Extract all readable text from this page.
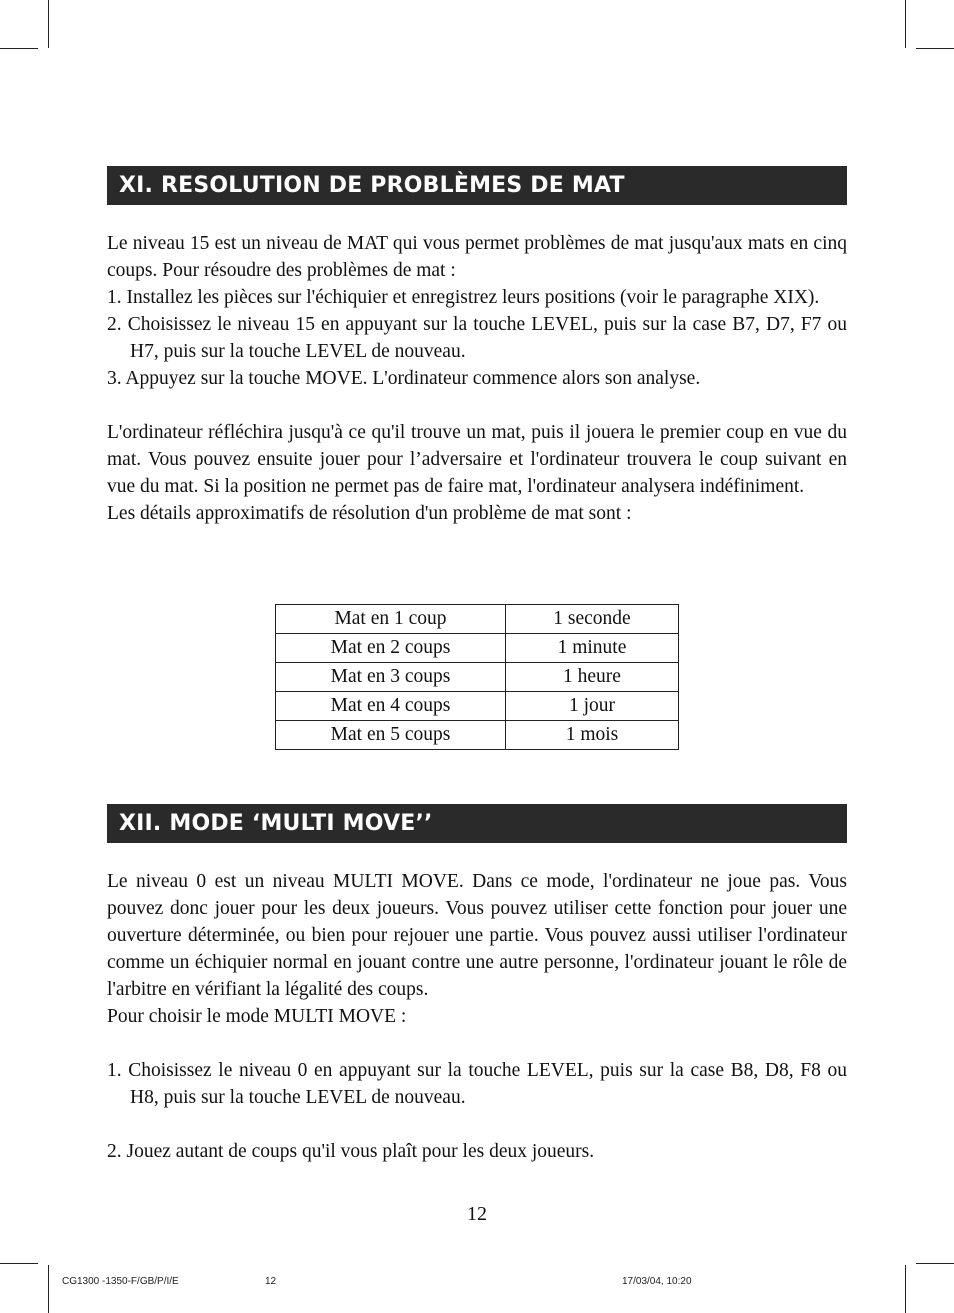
XI. RESOLUTION DE PROBLÈMES DE MAT

Le niveau 15 est un niveau de MAT qui vous permet problèmes de mat jusqu'aux mats en cinq coups. Pour résoudre des problèmes de mat :

1. Installez les pièces sur l'échiquier et enregistrez leurs positions (voir le paragraphe XIX).

2. Choisissez le niveau 15 en appuyant sur la touche LEVEL, puis sur la case B7, D7, F7 ou H7, puis sur la touche LEVEL de nouveau.

3. Appuyez sur la touche MOVE. L'ordinateur commence alors son analyse.

L'ordinateur réfléchira jusqu'à ce qu'il trouve un mat, puis il jouera le premier coup en vue du mat. Vous pouvez ensuite jouer pour l’adversaire et l'ordinateur trouvera le coup suivant en vue du mat. Si la position ne permet pas de faire mat, l'ordinateur analysera indéfiniment.

Les détails approximatifs de résolution d'un problème de mat sont :

Mat en 1 coup	1 seconde
Mat en 2 coups	1 minute
Mat en 3 coups	1 heure
Mat en 4 coups	1 jour
Mat en 5 coups	1 mois
XII. MODE ‘MULTI MOVE’’

Le niveau 0 est un niveau MULTI MOVE. Dans ce mode, l'ordinateur ne joue pas. Vous pouvez donc jouer pour les deux joueurs. Vous pouvez utiliser cette fonction pour jouer une ouverture déterminée, ou bien pour rejouer une partie. Vous pouvez aussi utiliser l'ordinateur comme un échiquier normal en jouant contre une autre personne, l'ordinateur jouant le rôle de l'arbitre en vérifiant la légalité des coups.

Pour choisir le mode MULTI MOVE :

1. Choisissez le niveau 0 en appuyant sur la touche LEVEL, puis sur la case B8, D8, F8 ou H8, puis sur la touche LEVEL de nouveau.

2. Jouez autant de coups qu'il vous plaît pour les deux joueurs.

12
CG1300 -1350-F/GB/P/I/E	12	17/03/04, 10:20
